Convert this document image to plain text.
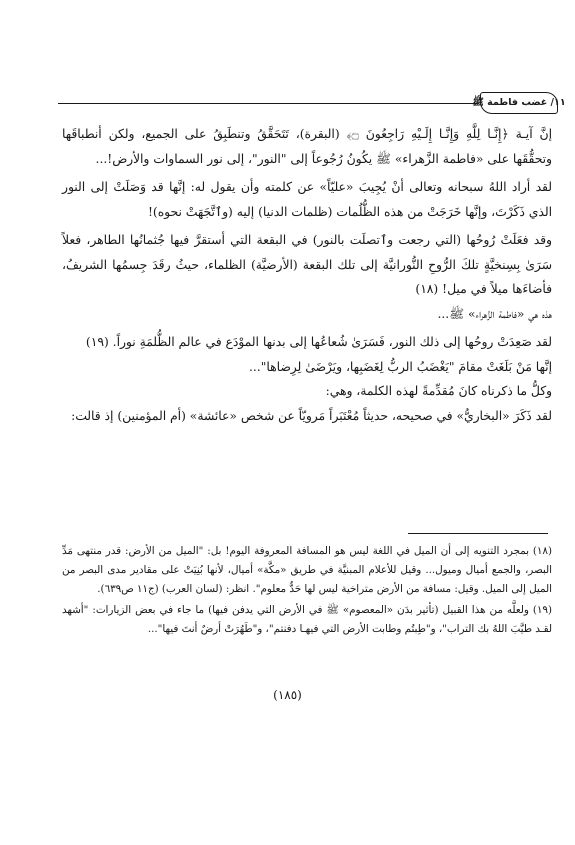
١١/ غضب فاطمة ﷺ

إنَّ آيـة ﴿إِنَّـا لِلَّهِ وَإِنَّـا إِلَـيْهِ رَاجِعُونَ ۝﴾ (البقرة)، تَتَحَقَّقُ وتنطَبِقُ على الجميع، ولكن أنطباقَها وتحقُّقَها على «فاطمة الزَّهراء» ﷺ يكُونُ رُجُوعاً إلى "النور"، إلى نور السماوات والأرض!...

لقد أراد اللهُ سبحانه وتعالى أنْ يُجِيبَ «عليّاً» عن كلمته وأن يقول له: إنَّها قد وَصَلَتْ إلى النور الذي ذَكَرْتَ، وإنَّها خَرَجَتْ من هذه الظُّلُمات (ظلمات الدنيا) إليه (وٱتَّجَهَتْ نحوه)!

وقد فعَلَتْ رُوحُها (التي رجعت وٱتصلَت بالنور) في البقعة التي أستقرَّ فيها جُثمانُها الطاهر، فعلاً سَرَىٰ بِسِنخيَّةٍ تلكَ الرُّوحِ النُّورانيَّة إلى تلك البقعة (الأرضيَّة) الظلماء، حيثُ رقَدَ جِسمُها الشريفُ، فأضاءَها ميلاً في ميل! (١٨)

هذه هي «فاطمة الزَّهراء» ﷺ...

لقد صَعِدَتْ روحُها إلى ذلك النور، فَسَرَىٰ شُعاعُها إلى بدنها الموْدَع في عالم الظُّلمَةِ نوراً. (١٩)

إنَّها مَنْ بَلَغَتْ مقامَ "يَغْضَبُ الربُّ لِغَضَبِها، ويَرْضَىٰ لِرِضاها"...

وكلُّ ما ذكرناه كانَ مُقدِّمةً لهذه الكلمة، وهي:

لقد ذَكَرَ «البخاريُّ» في صحيحه، حديثاً مُعْتَبَراً مَرويّاً عن شخص «عائشة» (أم المؤمنين) إذ قالت:

(١٨) بمجرد التنويه إلى أن الميل في اللغة ليس هو المسافة المعروفة اليوم! بل: "الميل من الأرض: قدر منتهى مَدِّ البصر، والجمع أميال وميول... وقيل للأعلام المبنيَّة في طريق «مكَّة» أميال، لأنها بُنِيَتْ على مقادير مدى البصر من الميل إلى الميل. وقيل: مسافة من الأرض متراخية ليس لها حَدٌّ معلوم". انظر: (لسان العرب) (ج١١ ص٦٣٩).

(١٩) ولعلَّه من هذا القبيل (تأثير بدَن «المعصوم» ﷺ في الأرض التي يدفن فيها) ما جاء في بعض الزيارات: "أشهد لقـد طيَّبَ اللهُ بك التراب"، و"طِبتُم وطابت الأرض التي فيهـا دفنتم"، و"طَهُرَتْ أرضٌ أنتَ فيها"...

(١٨٥)
